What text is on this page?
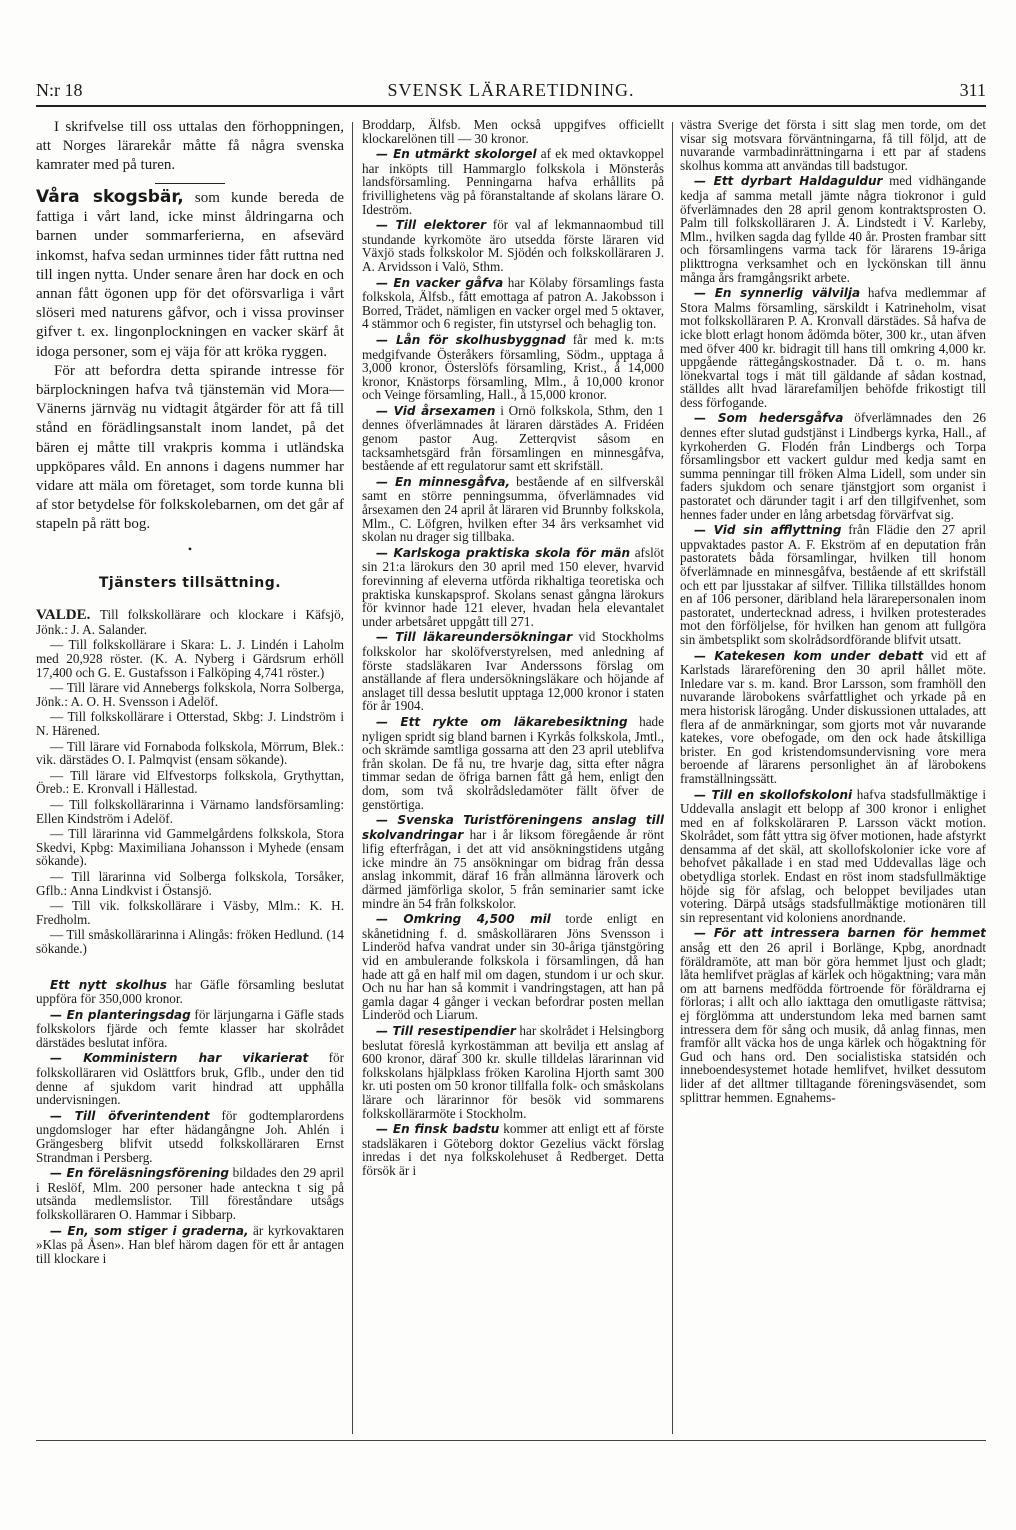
N:r 18	SVENSK LÄRARETIDNING.	311

I skrifvelse till oss uttalas den förhoppningen, att Norges lärarekår måtte få några svenska kamrater med på turen.

Våra skogsbär, som kunde bereda de fattiga i vårt land, icke minst åldringarna och barnen under sommarferierna, en afsevärd inkomst, hafva sedan urminnes tider fått ruttna ned till ingen nytta. Under senare åren har dock en och annan fått ögonen upp för det oförsvarliga i vårt slöseri med naturens gåfvor, och i vissa provinser gifver t. ex. lingonplockningen en vacker skärf åt idoga personer, som ej väja för att kröka ryggen.

För att befordra detta spirande intresse för bärplockningen hafva två tjänstemän vid Mora—Vänerns järnväg nu vidtagit åtgärder för att få till stånd en förädlingsanstalt inom landet, på det bären ej måtte till vrakpris komma i utländska uppköpares våld. En annons i dagens nummer har vidare att mäla om företaget, som torde kunna bli af stor betydelse för folkskolebarnen, om det går af stapeln på rätt bog.

•
Tjänsters tillsättning.

VALDE. Till folkskollärare och klockare i Käfsjö, Jönk.: J. A. Salander.

— Till folkskollärare i Skara: L. J. Lindén i Laholm med 20,928 röster. (K. A. Nyberg i Gärdsrum erhöll 17,400 och G. E. Gustafsson i Falköping 4,741 röster.)

— Till lärare vid Annebergs folkskola, Norra Solberga, Jönk.: A. O. H. Svensson i Adelöf.

— Till folkskollärare i Otterstad, Skbg: J. Lindström i N. Härened.

— Till lärare vid Fornaboda folkskola, Mörrum, Blek.: vik. därstädes O. I. Palmqvist (ensam sökande).

— Till lärare vid Elfvestorps folkskola, Grythyttan, Öreb.: E. Kronvall i Hällestad.

— Till folkskollärarinna i Värnamo landsförsamling: Ellen Kindström i Adelöf.

— Till lärarinna vid Gammelgårdens folkskola, Stora Skedvi, Kpbg: Maximiliana Johansson i Myhede (ensam sökande).

— Till lärarinna vid Solberga folkskola, Torsåker, Gflb.: Anna Lindkvist i Östansjö.

— Till vik. folkskollärare i Väsby, Mlm.: K. H. Fredholm.

— Till småskollärarinna i Alingås: fröken Hedlund. (14 sökande.)

Ett nytt skolhus har Gäfle församling beslutat uppföra för 350,000 kronor.

— En planteringsdag för lärjungarna i Gäfle stads folkskolors fjärde och femte klasser har skolrådet därstädes beslutat införa.

— Komministern har vikarierat för folkskolläraren vid Oslättfors bruk, Gflb., under den tid denne af sjukdom varit hindrad att upphålla undervisningen.

— Till öfverintendent för godtemplarordens ungdomsloger har efter hädangångne Joh. Ahlén i Grängesberg blifvit utsedd folkskolläraren Ernst Strandman i Persberg.

— En föreläsningsförening bildades den 29 april i Reslöf, Mlm. 200 personer hade anteckna t sig på utsända medlemslistor. Till föreståndare utsågs folkskolläraren O. Hammar i Sibbarp.

— En, som stiger i graderna, är kyrkovaktaren »Klas på Åsen». Han blef härom dagen för ett år antagen till klockare i

Broddarp, Älfsb. Men också uppgifves officiellt klockarelönen till — 30 kronor.

— En utmärkt skolorgel af ek med oktavkoppel har inköpts till Hammarglo folkskola i Mönsterås landsförsamling. Penningarna hafva erhållits på frivillighetens väg på föranstaltande af skolans lärare O. Ideström.

— Till elektorer för val af lekmannaombud till stundande kyrkomöte äro utsedda förste läraren vid Växjö stads folkskolor M. Sjödén och folkskolläraren J. A. Arvidsson i Valö, Sthm.

— En vacker gåfva har Kölaby församlings fasta folkskola, Älfsb., fått emottaga af patron A. Jakobsson i Borred, Trädet, nämligen en vacker orgel med 5 oktaver, 4 stämmor och 6 register, fin utstyrsel och behaglig ton.

— Lån för skolhusbyggnad får med k. m:ts medgifvande Österåkers församling, Södm., upptaga å 3,000 kronor, Österslöfs församling, Krist., å 14,000 kronor, Knästorps församling, Mlm., å 10,000 kronor och Veinge församling, Hall., å 15,000 kronor.

— Vid årsexamen i Ornö folkskola, Sthm, den 1 dennes öfverlämnades åt läraren därstädes A. Fridéen genom pastor Aug. Zetterqvist såsom en tacksamhetsgärd från församlingen en minnesgåfva, bestående af ett regulatorur samt ett skrifställ.

— En minnesgåfva, bestående af en silfverskål samt en större penningsumma, öfverlämnades vid årsexamen den 24 april åt läraren vid Brunnby folkskola, Mlm., C. Löfgren, hvilken efter 34 års verksamhet vid skolan nu drager sig tillbaka.

— Karlskoga praktiska skola för män afslöt sin 21:a lärokurs den 30 april med 150 elever, hvarvid forevinning af eleverna utförda rikhaltiga teoretiska och praktiska kunskapsprof. Skolans senast gångna lärokurs för kvinnor hade 121 elever, hvadan hela elevantalet under arbetsåret uppgått till 271.

— Till läkareundersökningar vid Stockholms folkskolor har skolöfverstyrelsen, med anledning af förste stadsläkaren Ivar Anderssons förslag om anställande af flera undersökningsläkare och höjande af anslaget till dessa beslutit upptaga 12,000 kronor i staten för år 1904.

— Ett rykte om läkarebesiktning hade nyligen spridt sig bland barnen i Kyrkås folkskola, Jmtl., och skrämde samtliga gossarna att den 23 april uteblifva från skolan. De få nu, tre hvarje dag, sitta efter några timmar sedan de öfriga barnen fått gå hem, enligt den dom, som två skolrådsledamöter fällt öfver de genstörtiga.

— Svenska Turistföreningens anslag till skolvandringar har i år liksom föregående år rönt lifig efterfrågan, i det att vid ansökningstidens utgång icke mindre än 75 ansökningar om bidrag från dessa anslag inkommit, däraf 16 från allmänna läroverk och därmed jämförliga skolor, 5 från seminarier samt icke mindre än 54 från folkskolor.

— Omkring 4,500 mil torde enligt en skånetidning f. d. småskolläraren Jöns Svensson i Linderöd hafva vandrat under sin 30-åriga tjänstgöring vid en ambulerande folkskola i församlingen, då han hade att gå en half mil om dagen, stundom i ur och skur. Och nu har han så kommit i vandringstagen, att han på gamla dagar 4 gånger i veckan befordrar posten mellan Linderöd och Liarum.

— Till resestipendier har skolrådet i Helsingborg beslutat föreslå kyrkostämman att bevilja ett anslag af 600 kronor, däraf 300 kr. skulle tilldelas lärarinnan vid folkskolans hjälpklass fröken Karolina Hjorth samt 300 kr. uti posten om 50 kronor tillfalla folk- och småskolans lärare och lärarinnor för besök vid sommarens folkskollärarmöte i Stockholm.

— En finsk badstu kommer att enligt ett af förste stadsläkaren i Göteborg doktor Gezelius väckt förslag inredas i det nya folkskolehuset å Redberget. Detta försök är i

västra Sverige det första i sitt slag men torde, om det visar sig motsvara förväntningarna, få till följd, att de nuvarande varmbadinrättningarna i ett par af stadens skolhus komma att användas till badstugor.

— Ett dyrbart Haldaguldur med vidhängande kedja af samma metall jämte några tiokronor i guld öfverlämnades den 28 april genom kontraktsprosten O. Palm till folkskolläraren J. A. Lindstedt i V. Karleby, Mlm., hvilken sagda dag fyllde 40 år. Prosten frambar sitt och församlingens varma tack för lärarens 19-åriga plikttrogna verksamhet och en lyckönskan till ännu många års framgångsrikt arbete.

— En synnerlig välvilja hafva medlemmar af Stora Malms församling, särskildt i Katrineholm, visat mot folkskolläraren P. A. Kronvall därstädes. Så hafva de icke blott erlagt honom ådömda böter, 300 kr., utan äfven med öfver 400 kr. bidragit till hans till omkring 4,000 kr. uppgående rättegångskostnader. Då t. o. m. hans lönekvartal togs i mät till gäldande af sådan kostnad, ställdes allt hvad lärarefamiljen behöfde frikostigt till dess förfogande.

— Som hedersgåfva öfverlämnades den 26 dennes efter slutad gudstjänst i Lindbergs kyrka, Hall., af kyrkoherden G. Flodén från Lindbergs och Torpa församlingsbor ett vackert guldur med kedja samt en summa penningar till fröken Alma Lidell, som under sin faders sjukdom och senare tjänstgjort som organist i pastoratet och därunder tagit i arf den tillgifvenhet, som hennes fader under en lång arbetsdag förvärfvat sig.

— Vid sin afflyttning från Flädie den 27 april uppvaktades pastor A. F. Ekström af en deputation från pastoratets båda församlingar, hvilken till honom öfverlämnade en minnesgåfva, bestående af ett skrifställ och ett par ljusstakar af silfver. Tillika tillställdes honom en af 106 personer, däribland hela lärarepersonalen inom pastoratet, undertecknad adress, i hvilken protesterades mot den förföljelse, för hvilken han genom att fullgöra sin ämbetsplikt som skolrådsordförande blifvit utsatt.

— Katekesen kom under debatt vid ett af Karlstads lärareförening den 30 april hållet möte. Inledare var s. m. kand. Bror Larsson, som framhöll den nuvarande lärobokens svårfattlighet och yrkade på en mera historisk lärogång. Under diskussionen uttalades, att flera af de anmärkningar, som gjorts mot vår nuvarande katekes, vore obefogade, om den ock hade åtskilliga brister. En god kristendomsundervisning vore mera beroende af lärarens personlighet än af lärobokens framställningssätt.

— Till en skollofskoloni hafva stadsfullmäktige i Uddevalla anslagit ett belopp af 300 kronor i enlighet med en af folkskoläraren P. Larsson väckt motion. Skolrådet, som fått yttra sig öfver motionen, hade afstyrkt densamma af det skäl, att skollofskolonier icke vore af behofvet påkallade i en stad med Uddevallas läge och obetydliga storlek. Endast en röst inom stadsfullmäktige höjde sig för afslag, och beloppet beviljades utan votering. Därpå utsågs stadsfullmäktige motionären till sin representant vid koloniens anordnande.

— För att intressera barnen för hemmet ansåg ett den 26 april i Borlänge, Kpbg, anordnadt föräldramöte, att man bör göra hemmet ljust och gladt; låta hemlifvet präglas af kärlek och högaktning; vara mån om att barnens medfödda förtroende för föräldrarna ej förloras; i allt och allo iakttaga den omutligaste rättvisa; ej förglömma att understundom leka med barnen samt intressera dem för sång och musik, då anlag finnas, men framför allt väcka hos de unga kärlek och högaktning för Gud och hans ord. Den socialistiska statsidén och inneboendesystemet hotade hemlifvet, hvilket dessutom lider af det alltmer tilltagande föreningsväsendet, som splittrar hemmen. Egnahems-
